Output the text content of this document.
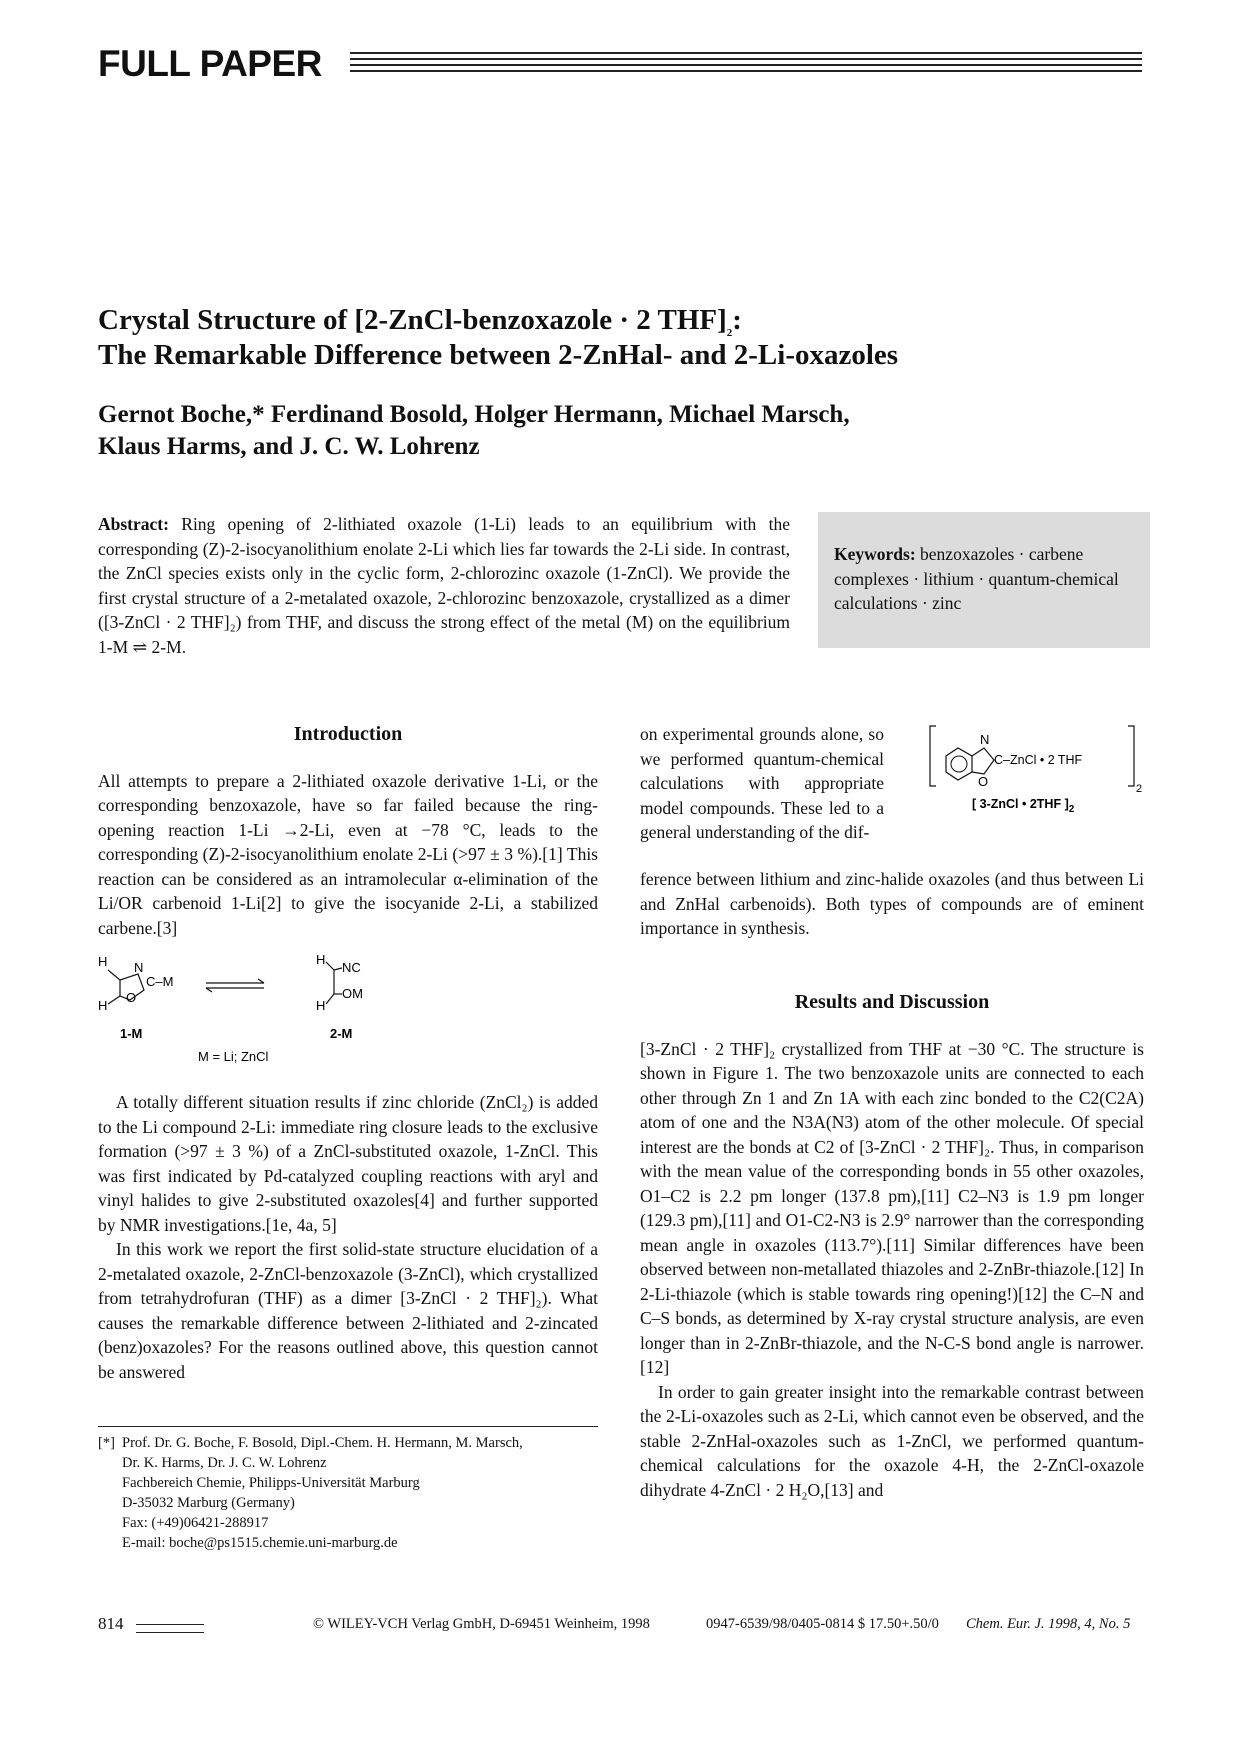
FULL PAPER
Crystal Structure of [2-ZnCl-benzoxazole · 2 $THF]_2$:
The Remarkable Difference between 2-ZnHal- and 2-Li-oxazoles
Gernot Boche,* Ferdinand Bosold, Holger Hermann, Michael Marsch,
Klaus Harms, and J. C. W. Lohrenz
Abstract: Ring opening of 2-lithiated oxazole (1-Li) leads to an equilibrium with the corresponding (Z)-2-isocyanolithium enolate 2-Li which lies far towards the 2-Li side. In contrast, the ZnCl species exists only in the cyclic form, 2-chlorozinc oxazole (1-ZnCl). We provide the first crystal structure of a 2-metalated oxazole, 2-chlorozinc benzoxazole, crystallized as a dimer ([3-ZnCl · 2 THF]₂) from THF, and discuss the strong effect of the metal (M) on the equilibrium 1-M ⇌ 2-M.
Keywords: benzoxazoles · carbene complexes · lithium · quantum-chemical calculations · zinc
Introduction

All attempts to prepare a 2-lithiated oxazole derivative 1-Li, or the corresponding benzoxazole, have so far failed because the ring-opening reaction 1-Li →2-Li, even at −78 °C, leads to the corresponding (Z)-2-isocyanolithium enolate 2-Li (>97 ± 3 %).[1] This reaction can be considered as an intramolecular α-elimination of the Li/OR carbenoid 1-Li[2] to give the isocyanide 2-Li, a stabilized carbene.[3]

H N
C–M
O
H
H
NC
OM
H
1-M	2-M
M = Li; ZnCl

A totally different situation results if zinc chloride (ZnCl₂) is added to the Li compound 2-Li: immediate ring closure leads to the exclusive formation (>97 ± 3 %) of a ZnCl-substituted oxazole, 1-ZnCl. This was first indicated by Pd-catalyzed coupling reactions with aryl and vinyl halides to give 2-substituted oxazoles[4] and further supported by NMR investigations.[1e, 4a, 5]

In this work we report the first solid-state structure elucidation of a 2-metalated oxazole, 2-ZnCl-benzoxazole (3-ZnCl), which crystallized from tetrahydrofuran (THF) as a dimer [3-ZnCl · 2 THF]₂). What causes the remarkable difference between 2-lithiated and 2-zincated (benz)oxazoles? For the reasons outlined above, this question cannot be answered

[*] Prof. Dr. G. Boche, F. Bosold, Dipl.-Chem. H. Hermann, M. Marsch,
Dr. K. Harms, Dr. J. C. W. Lohrenz
Fachbereich Chemie, Philipps-Universität Marburg
D-35032 Marburg (Germany)
Fax: (+49)06421-288917
E-mail: boche@ps1515.chemie.uni-marburg.de

on experimental grounds alone, so we performed quantum-chemical calculations with appropriate model compounds. These led to a general understanding of the dif-

2
N
O
C–ZnCl • 2 THF
[ 3-ZnCl • 2THF ]$_2$

ference between lithium and zinc-halide oxazoles (and thus between Li and ZnHal carbenoids). Both types of compounds are of eminent importance in synthesis.

Results and Discussion

[3-ZnCl · 2 THF]₂ crystallized from THF at −30 °C. The structure is shown in Figure 1. The two benzoxazole units are connected to each other through Zn 1 and Zn 1A with each zinc bonded to the C2(C2A) atom of one and the N3A(N3) atom of the other molecule. Of special interest are the bonds at C2 of [3-ZnCl · 2 THF]₂. Thus, in comparison with the mean value of the corresponding bonds in 55 other oxazoles, O1–C2 is 2.2 pm longer (137.8 pm),[11] C2–N3 is 1.9 pm longer (129.3 pm),[11] and O1-C2-N3 is 2.9° narrower than the corresponding mean angle in oxazoles (113.7°).[11] Similar differences have been observed between non-metallated thiazoles and 2-ZnBr-thiazole.[12] In 2-Li-thiazole (which is stable towards ring opening!)[12] the C–N and C–S bonds, as determined by X-ray crystal structure analysis, are even longer than in 2-ZnBr-thiazole, and the N-C-S bond angle is narrower.[12]

In order to gain greater insight into the remarkable contrast between the 2-Li-oxazoles such as 2-Li, which cannot even be observed, and the stable 2-ZnHal-oxazoles such as 1-ZnCl, we performed quantum-chemical calculations for the oxazole 4-H, the 2-ZnCl-oxazole dihydrate 4-ZnCl · 2 H₂O,[13] and

814	© WILEY-VCH Verlag GmbH, D-69451 Weinheim, 1998	0947-6539/98/0405-0814 $ 17.50+.50/0 Chem. Eur. J. 1998, 4, No. 5
